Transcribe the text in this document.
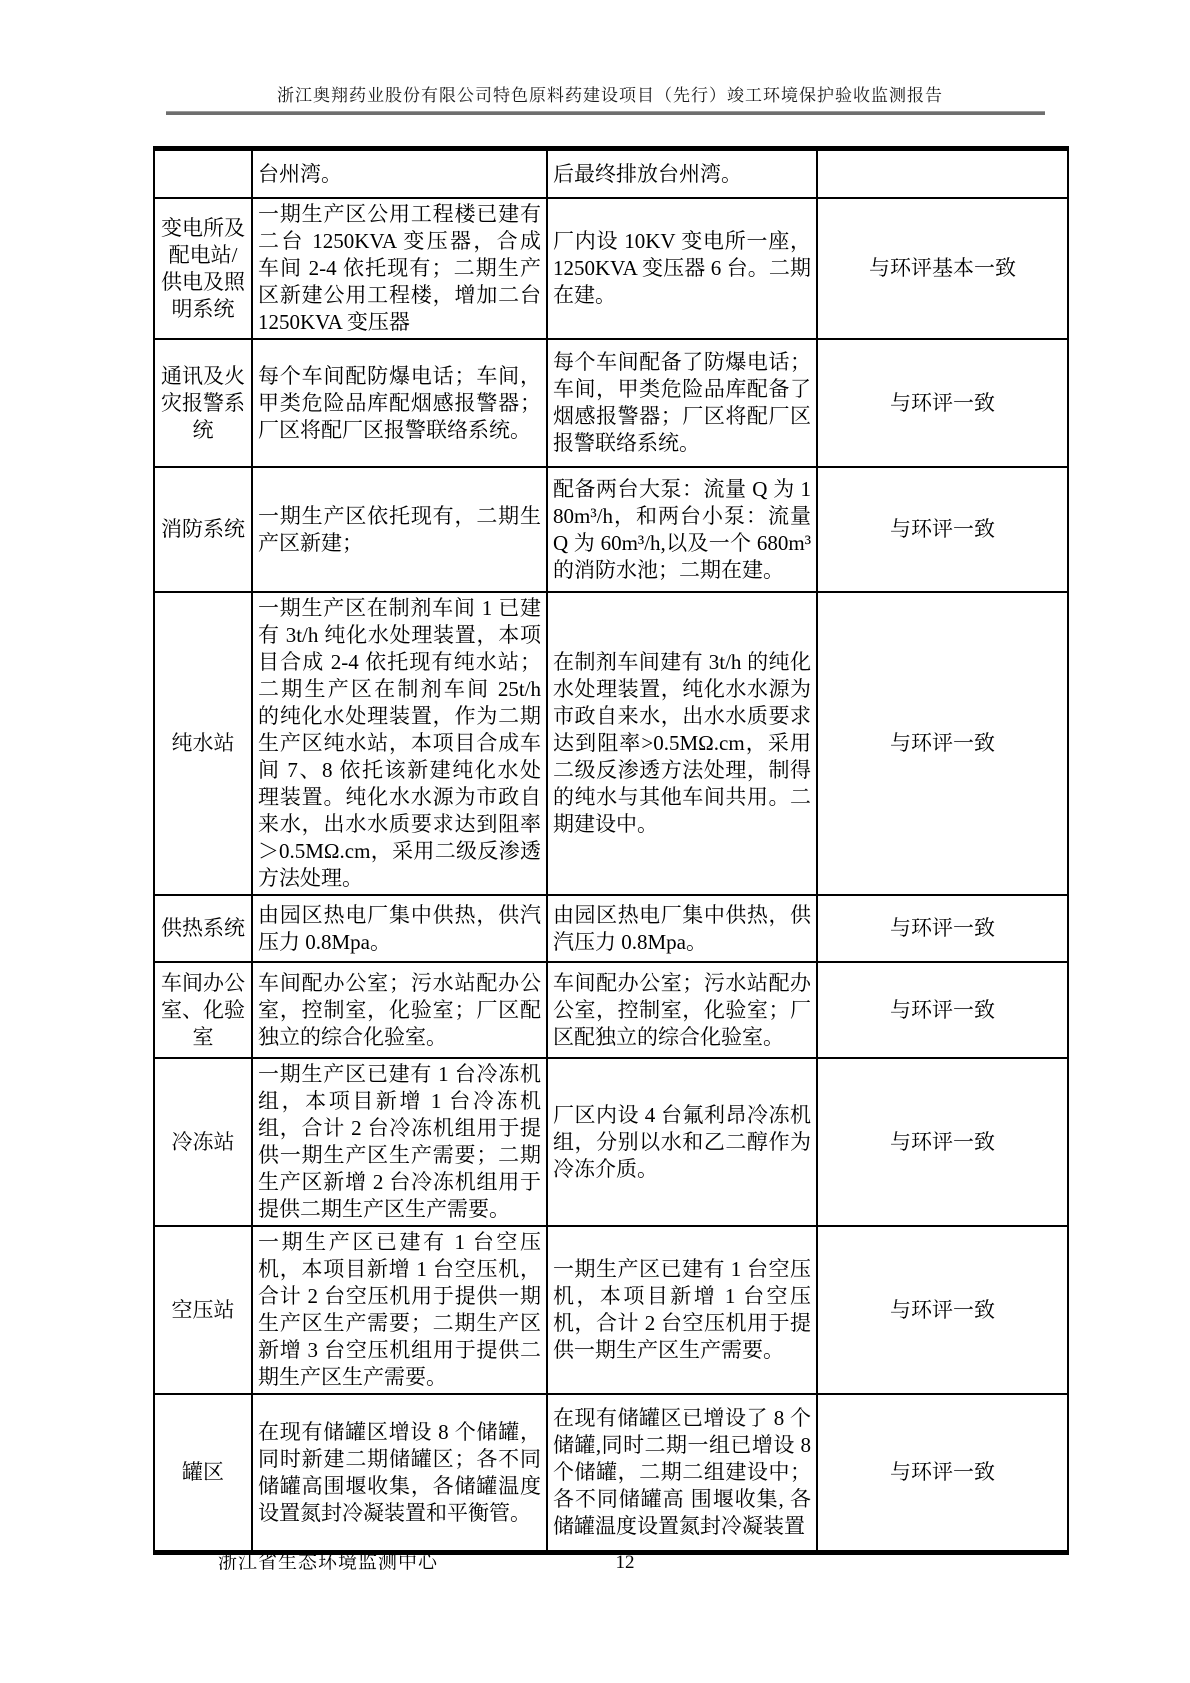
浙江奥翔药业股份有限公司特色原料药建设项目（先行）竣工环境保护验收监测报告
	台州湾。	后最终排放台州湾。	
变电所及配电站/供电及照明系统	一期生产区公用工程楼已建有二台 1250KVA 变压器，合成车间 2-4 依托现有；二期生产区新建公用工程楼，增加二台 1250KVA 变压器	厂内设 10KV 变电所一座，1250KVA 变压器 6 台。二期在建。	与环评基本一致
通讯及火灾报警系统	每个车间配防爆电话；车间，甲类危险品库配烟感报警器；厂区将配厂区报警联络系统。	每个车间配备了防爆电话；车间，甲类危险品库配备了烟感报警器；厂区将配厂区报警联络系统。	与环评一致
消防系统	一期生产区依托现有，二期生产区新建；	配备两台大泵：流量 Q 为 180m³/h，和两台小泵：流量 Q 为 60m³/h,以及一个 680m³ 的消防水池；二期在建。	与环评一致
纯水站	一期生产区在制剂车间 1 已建有 3t/h 纯化水处理装置，本项目合成 2-4 依托现有纯水站；二期生产区在制剂车间 25t/h 的纯化水处理装置，作为二期生产区纯水站，本项目合成车间 7、8 依托该新建纯化水处理装置。纯化水水源为市政自来水，出水水质要求达到阻率＞0.5MΩ.cm，采用二级反渗透方法处理。	在制剂车间建有 3t/h 的纯化水处理装置，纯化水水源为市政自来水，出水水质要求达到阻率>0.5MΩ.cm，采用二级反渗透方法处理，制得的纯水与其他车间共用。二期建设中。	与环评一致
供热系统	由园区热电厂集中供热，供汽压力 0.8Mpa。	由园区热电厂集中供热，供汽压力 0.8Mpa。	与环评一致
车间办公室、化验室	车间配办公室；污水站配办公室，控制室，化验室；厂区配独立的综合化验室。	车间配办公室；污水站配办公室，控制室，化验室；厂区配独立的综合化验室。	与环评一致
冷冻站	一期生产区已建有 1 台冷冻机组，本项目新增 1 台冷冻机组，合计 2 台冷冻机组用于提供一期生产区生产需要；二期生产区新增 2 台冷冻机组用于提供二期生产区生产需要。	厂区内设 4 台氟利昂冷冻机组，分别以水和乙二醇作为冷冻介质。	与环评一致
空压站	一期生产区已建有 1 台空压机，本项目新增 1 台空压机，合计 2 台空压机用于提供一期生产区生产需要；二期生产区新增 3 台空压机组用于提供二期生产区生产需要。	一期生产区已建有 1 台空压机，本项目新增 1 台空压机，合计 2 台空压机用于提供一期生产区生产需要。	与环评一致
罐区	在现有储罐区增设 8 个储罐，同时新建二期储罐区；各不同储罐高围堰收集，各储罐温度设置氮封冷凝装置和平衡管。	在现有储罐区已增设了 8 个储罐,同时二期一组已增设 8 个储罐，二期二组建设中；各不同储罐高 围堰收集, 各储罐温度设置氮封冷凝装置	与环评一致
浙江省生态环境监测中心	12
